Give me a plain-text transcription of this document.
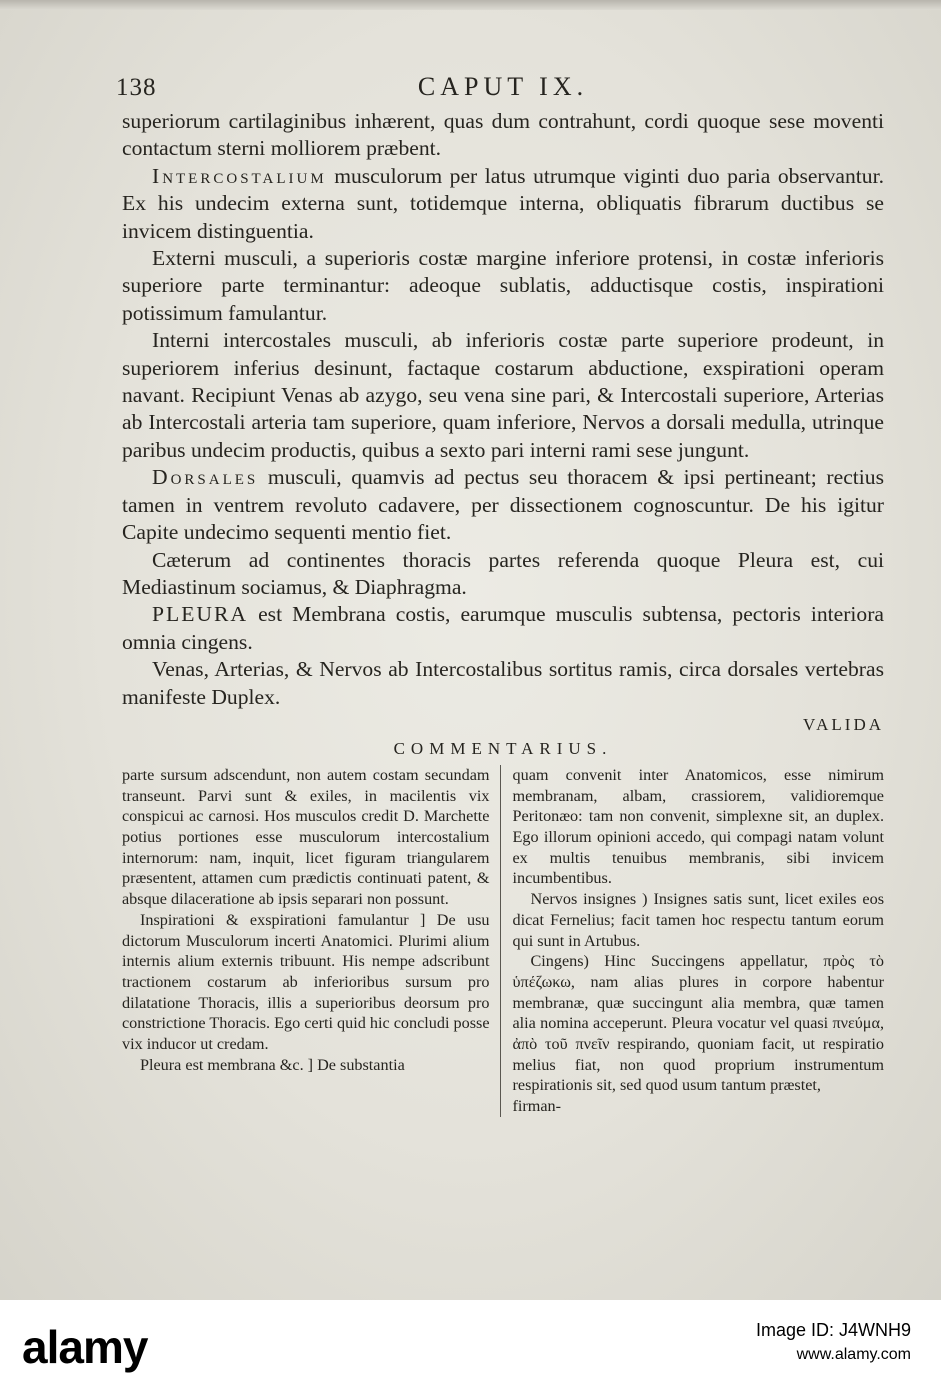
138	CAPUT IX.

superiorum cartilaginibus inhærent, quas dum contrahunt, cordi quoque sese moventi contactum sterni molliorem præbent.

Intercostalium musculorum per latus utrumque viginti duo paria observantur. Ex his undecim externa sunt, totidemque interna, obliquatis fibrarum ductibus se invicem distinguentia.

Externi musculi, a superioris costæ margine inferiore protensi, in costæ inferioris superiore parte terminantur: adeoque sublatis, adductisque costis, inspirationi potissimum famulantur.

Interni intercostales musculi, ab inferioris costæ parte superiore prodeunt, in superiorem inferius desinunt, factaque costarum abductione, exspirationi operam navant. Recipiunt Venas ab azygo, seu vena sine pari, & Intercostali superiore, Arterias ab Intercostali arteria tam superiore, quam inferiore, Nervos a dorsali medulla, utrinque paribus undecim productis, quibus a sexto pari interni rami sese jungunt.

Dorsales musculi, quamvis ad pectus seu thoracem & ipsi pertineant; rectius tamen in ventrem revoluto cadavere, per dissectionem cognoscuntur. De his igitur Capite undecimo sequenti mentio fiet.

Cæterum ad continentes thoracis partes referenda quoque Pleura est, cui Mediastinum sociamus, & Diaphragma.

PLEURA est Membrana costis, earumque musculis subtensa, pectoris interiora omnia cingens.

Venas, Arterias, & Nervos ab Intercostalibus sortitus ramis, circa dorsales vertebras manifeste Duplex.

VALIDA
COMMENTARIUS.

parte sursum adscendunt, non autem costam secundam transeunt. Parvi sunt & exiles, in macilentis vix conspicui ac carnosi. Hos musculos credit D. Marchette potius portiones esse musculorum intercostalium internorum: nam, inquit, licet figuram triangularem præsentent, attamen cum prædictis continuati patent, & absque dilaceratione ab ipsis separari non possunt.

Inspirationi & exspirationi famulantur ] De usu dictorum Musculorum incerti Anatomici. Plurimi alium internis alium externis tribuunt. His nempe adscribunt tractionem costarum ab inferioribus sursum pro dilatatione Thoracis, illis a superioribus deorsum pro constrictione Thoracis. Ego certi quid hic concludi posse vix inducor ut credam.

Pleura est membrana &c. ] De substantia

quam convenit inter Anatomicos, esse nimirum membranam, albam, crassiorem, validioremque Peritonæo: tam non convenit, simplexne sit, an duplex. Ego illorum opinioni accedo, qui compagi natam volunt ex multis tenuibus membranis, sibi invicem incumbentibus.

Nervos insignes ) Insignes satis sunt, licet exiles eos dicat Fernelius; facit tamen hoc respectu tantum eorum qui sunt in Artubus.

Cingens) Hinc Succingens appellatur, πρὸς τὸ ὑπέζωκω, nam alias plures in corpore habentur membranæ, quæ succingunt alia membra, quæ tamen alia nomina acceperunt. Pleura vocatur vel quasi πνεύμα, ἀπὸ τοῦ πνεῖν respirando, quoniam facit, ut respiratio melius fiat, non quod proprium instrumentum respirationis sit, sed quod usum tantum præstet,

firman-

alamy	Image ID: J4WNH9
www.alamy.com
